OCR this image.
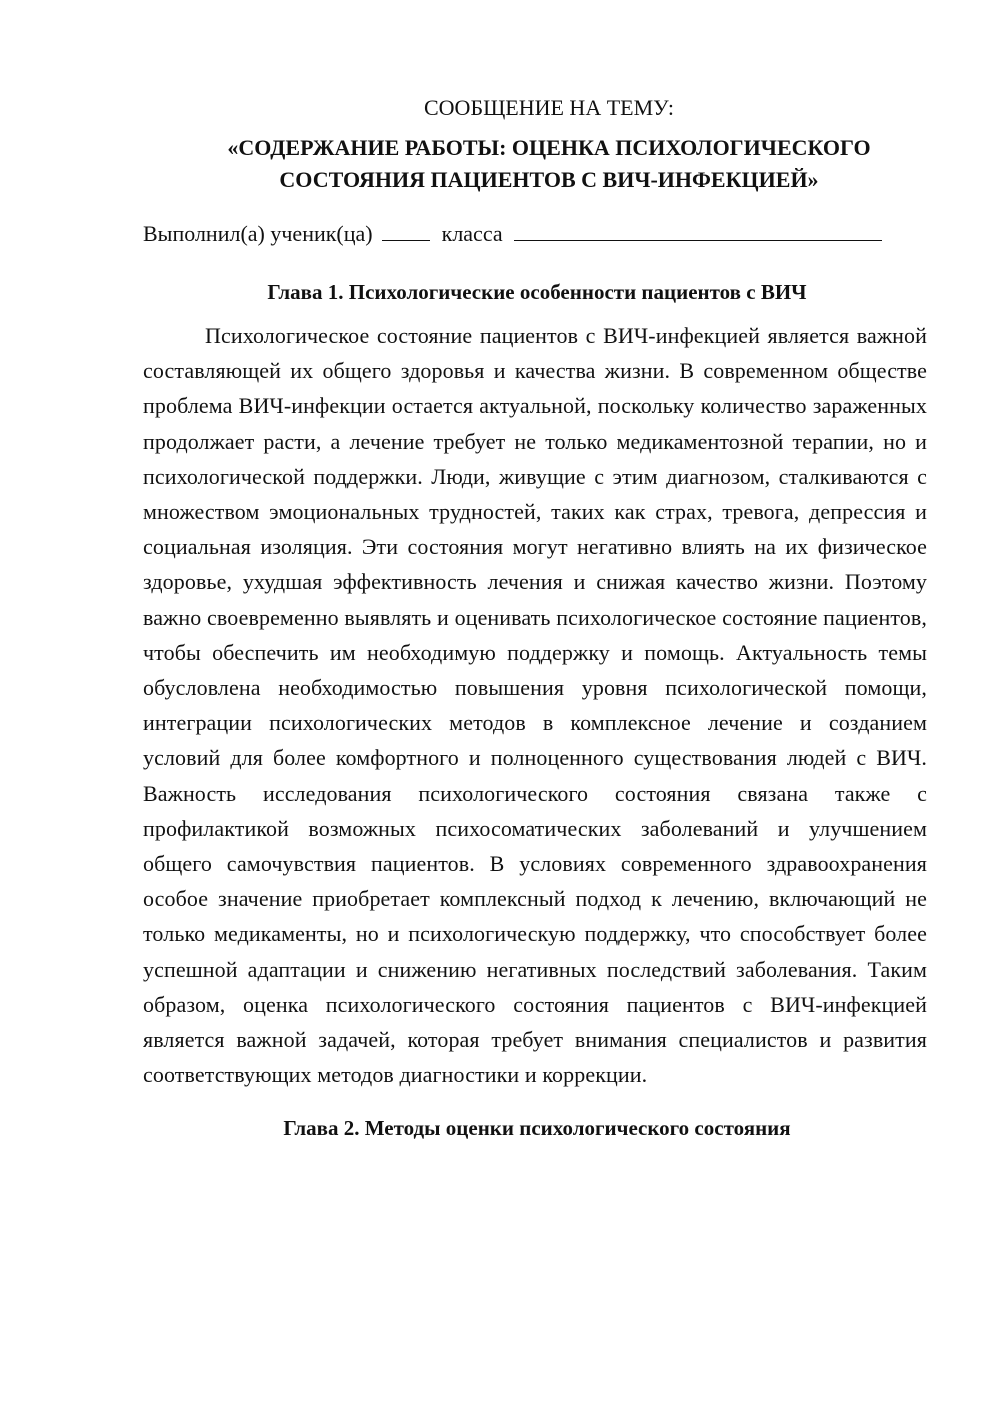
СООБЩЕНИЕ НА ТЕМУ:

«СОДЕРЖАНИЕ РАБОТЫ: ОЦЕНКА ПСИХОЛОГИЧЕСКОГО
СОСТОЯНИЯ ПАЦИЕНТОВ С ВИЧ-ИНФЕКЦИЕЙ»
Выполнил(а) ученик(ца)	класса
Глава 1. Психологические особенности пациентов с ВИЧ

Психологическое состояние пациентов с ВИЧ-инфекцией является важной составляющей их общего здоровья и качества жизни. В современном обществе проблема ВИЧ-инфекции остается актуальной, поскольку количество зараженных продолжает расти, а лечение требует не только медикаментозной терапии, но и психологической поддержки. Люди, живущие с этим диагнозом, сталкиваются с множеством эмоциональных трудностей, таких как страх, тревога, депрессия и социальная изоляция. Эти состояния могут негативно влиять на их физическое здоровье, ухудшая эффективность лечения и снижая качество жизни. Поэтому важно своевременно выявлять и оценивать психологическое состояние пациентов, чтобы обеспечить им необходимую поддержку и помощь. Актуальность темы обусловлена необходимостью повышения уровня психологической помощи, интеграции психологических методов в комплексное лечение и созданием условий для более комфортного и полноценного существования людей с ВИЧ. Важность исследования психологического состояния связана также с профилактикой возможных психосоматических заболеваний и улучшением общего самочувствия пациентов. В условиях современного здравоохранения особое значение приобретает комплексный подход к лечению, включающий не только медикаменты, но и психологическую поддержку, что способствует более успешной адаптации и снижению негативных последствий заболевания. Таким образом, оценка психологического состояния пациентов с ВИЧ-инфекцией является важной задачей, которая требует внимания специалистов и развития соответствующих методов диагностики и коррекции.

Глава 2. Методы оценки психологического состояния
